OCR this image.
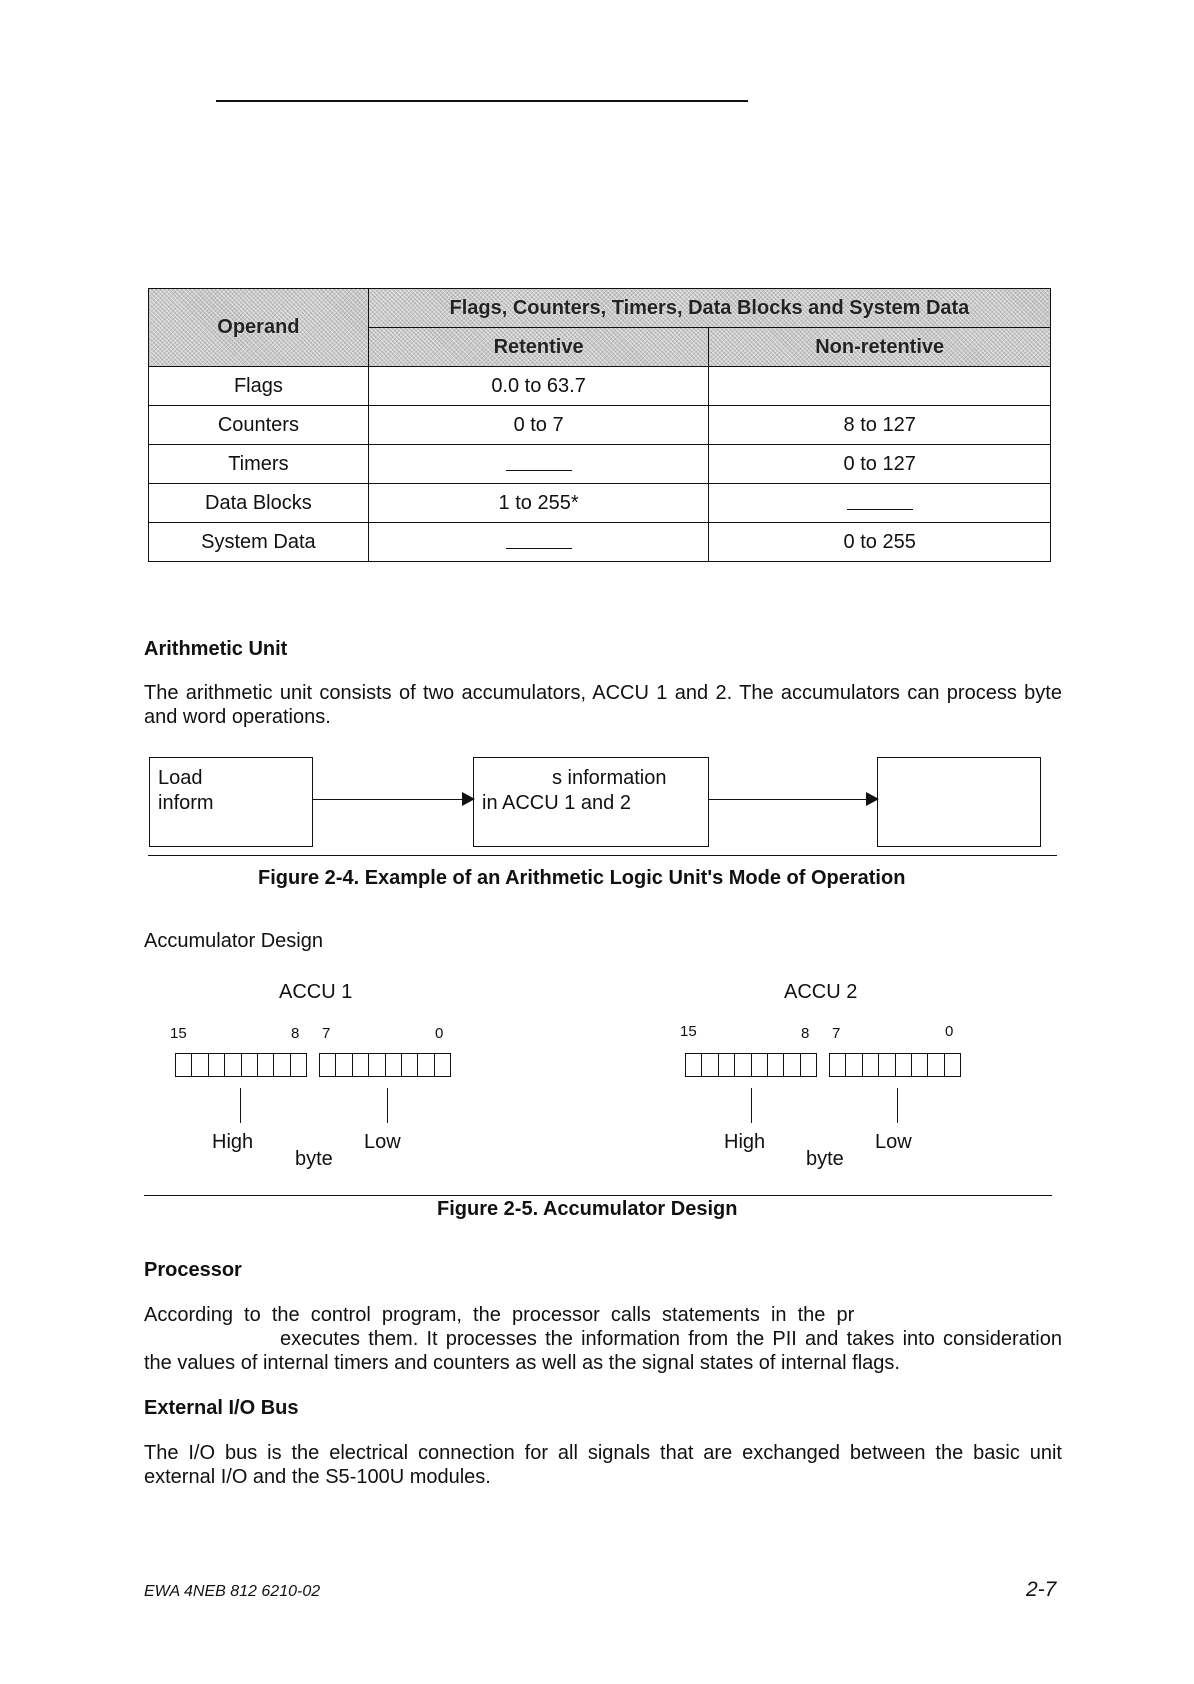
Operand	Flags, Counters, Timers, Data Blocks and System Data	
	Retentive	Non-retentive
Flags	0.0 to 63.7	
Counters	0 to 7	8 to 127
Timers		0 to 127
Data Blocks	1 to 255*	
System Data		0 to 255
Arithmetic Unit
The arithmetic unit consists of two accumulators, ACCU 1 and 2. The accumulators can process byte and word operations.
Load
inform
s information
in ACCU 1 and 2
Figure 2-4. Example of an Arithmetic Logic Unit's Mode of Operation
Accumulator Design
ACCU 1
15	8 7	0
High	Low
byte
ACCU 2
15	8 7	0
High	Low
byte
Figure 2-5. Accumulator Design
Processor
According  to  the  control  program,  the  processor  calls  statements  in  the  pr
executes them. It processes the information from the PII and takes into consideration
the values of internal timers and counters as well as the signal states of internal flags.
External I/O Bus
The I/O bus is the electrical connection for all signals that are exchanged between the basic unit external I/O and the S5-100U modules.
EWA 4NEB 812 6210-02	2-7
